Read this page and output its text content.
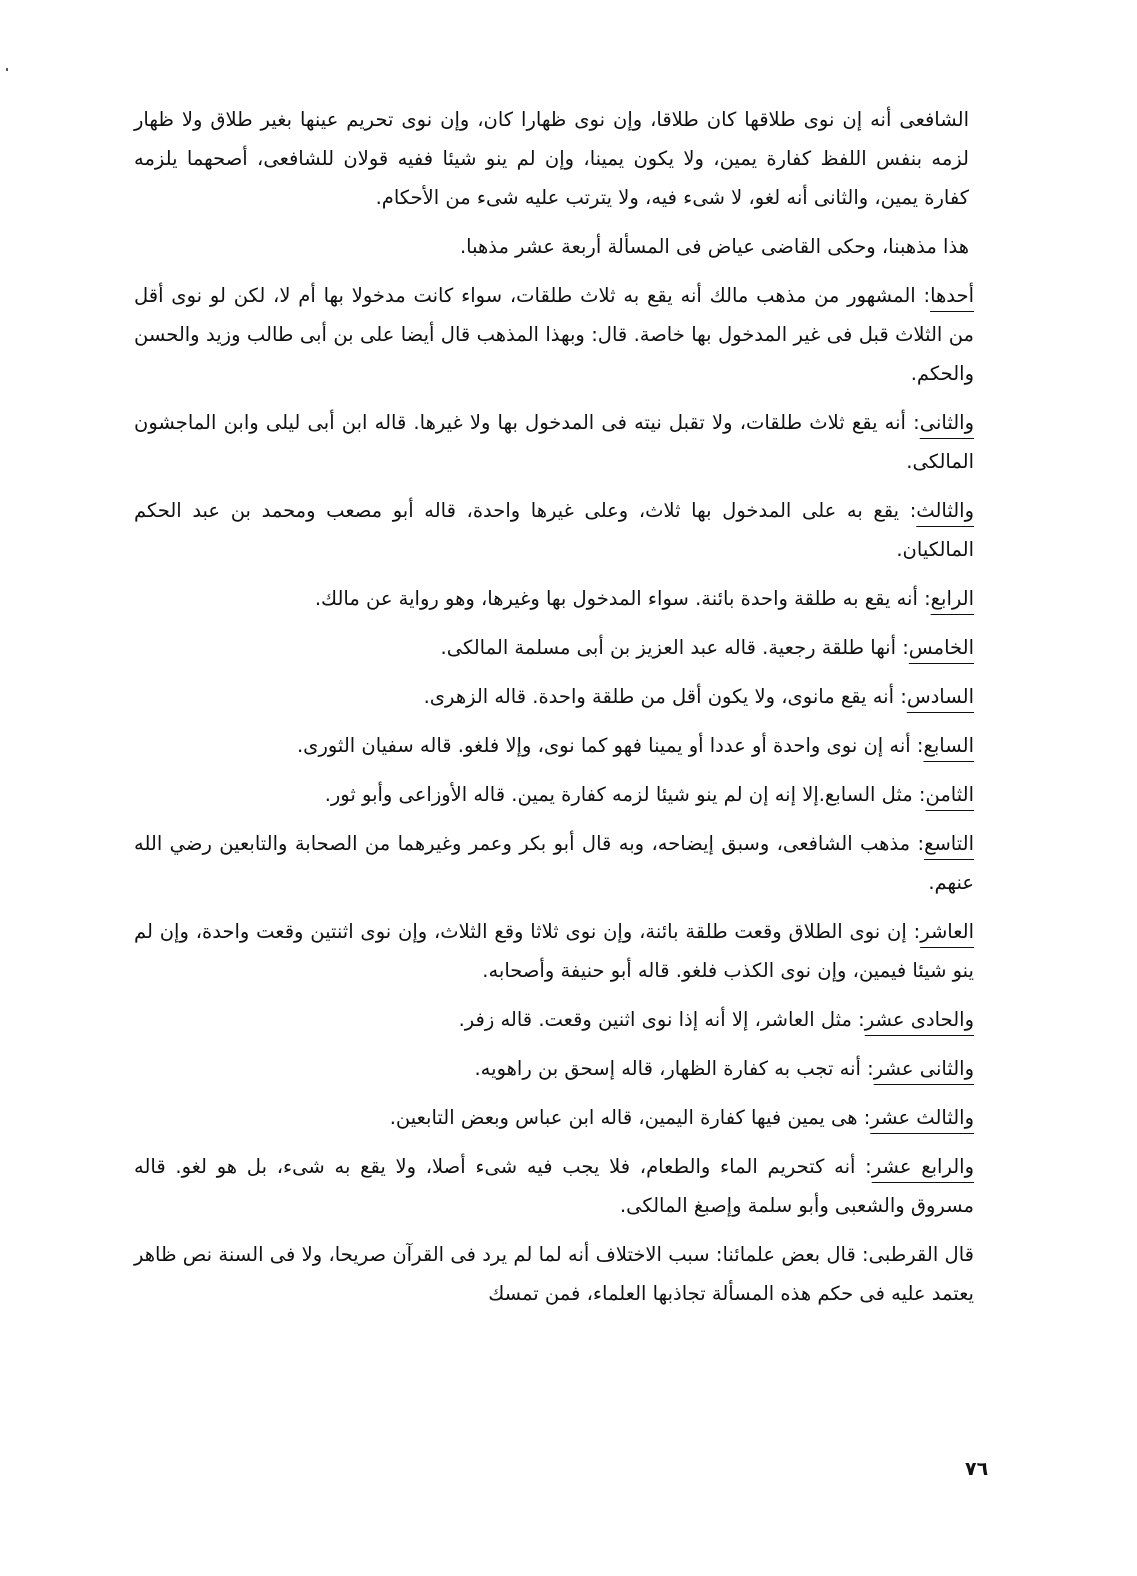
الشافعى أنه إن نوى طلاقها كان طلاقا، وإن نوى ظهارا كان، وإن نوى تحريم عينها بغير طلاق ولا ظهار لزمه بنفس اللفظ كفارة يمين، ولا يكون يمينا، وإن لم ينو شيئا ففيه قولان للشافعى، أصحهما يلزمه كفارة يمين، والثانى أنه لغو، لا شىء فيه، ولا يترتب عليه شىء من الأحكام.

هذا مذهبنا، وحكى القاضى عياض فى المسألة أربعة عشر مذهبا.

أحدها: المشهور من مذهب مالك أنه يقع به ثلاث طلقات، سواء كانت مدخولا بها أم لا، لكن لو نوى أقل من الثلاث قبل فى غير المدخول بها خاصة. قال: وبهذا المذهب قال أيضا على بن أبى طالب وزيد والحسن والحكم.

والثانى: أنه يقع ثلاث طلقات، ولا تقبل نيته فى المدخول بها ولا غيرها. قاله ابن أبى ليلى وابن الماجشون المالكى.

والثالث: يقع به على المدخول بها ثلاث، وعلى غيرها واحدة، قاله أبو مصعب ومحمد بن عبد الحكم المالكيان.

الرابع: أنه يقع به طلقة واحدة بائنة. سواء المدخول بها وغيرها، وهو رواية عن مالك.

الخامس: أنها طلقة رجعية. قاله عبد العزيز بن أبى مسلمة المالكى.

السادس: أنه يقع مانوى، ولا يكون أقل من طلقة واحدة. قاله الزهرى.

السابع: أنه إن نوى واحدة أو عددا أو يمينا فهو كما نوى، وإلا فلغو. قاله سفيان الثورى.

الثامن: مثل السابع.إلا إنه إن لم ينو شيئا لزمه كفارة يمين. قاله الأوزاعى وأبو ثور.

التاسع: مذهب الشافعى، وسبق إيضاحه، وبه قال أبو بكر وعمر وغيرهما من الصحابة والتابعين رضي الله عنهم.

العاشر: إن نوى الطلاق وقعت طلقة بائنة، وإن نوى ثلاثا وقع الثلاث، وإن نوى اثنتين وقعت واحدة، وإن لم ينو شيئا فيمين، وإن نوى الكذب فلغو. قاله أبو حنيفة وأصحابه.

والحادى عشر: مثل العاشر، إلا أنه إذا نوى اثنين وقعت. قاله زفر.

والثانى عشر: أنه تجب به كفارة الظهار، قاله إسحق بن راهويه.

والثالث عشر: هى يمين فيها كفارة اليمين، قاله ابن عباس وبعض التابعين.

والرابع عشر: أنه كتحريم الماء والطعام، فلا يجب فيه شىء أصلا، ولا يقع به شىء، بل هو لغو. قاله مسروق والشعبى وأبو سلمة وإصبغ المالكى.

قال القرطبى: قال بعض علمائنا: سبب الاختلاف أنه لما لم يرد فى القرآن صريحا، ولا فى السنة نص ظاهر يعتمد عليه فى حكم هذه المسألة تجاذبها العلماء، فمن تمسك

٧٦
